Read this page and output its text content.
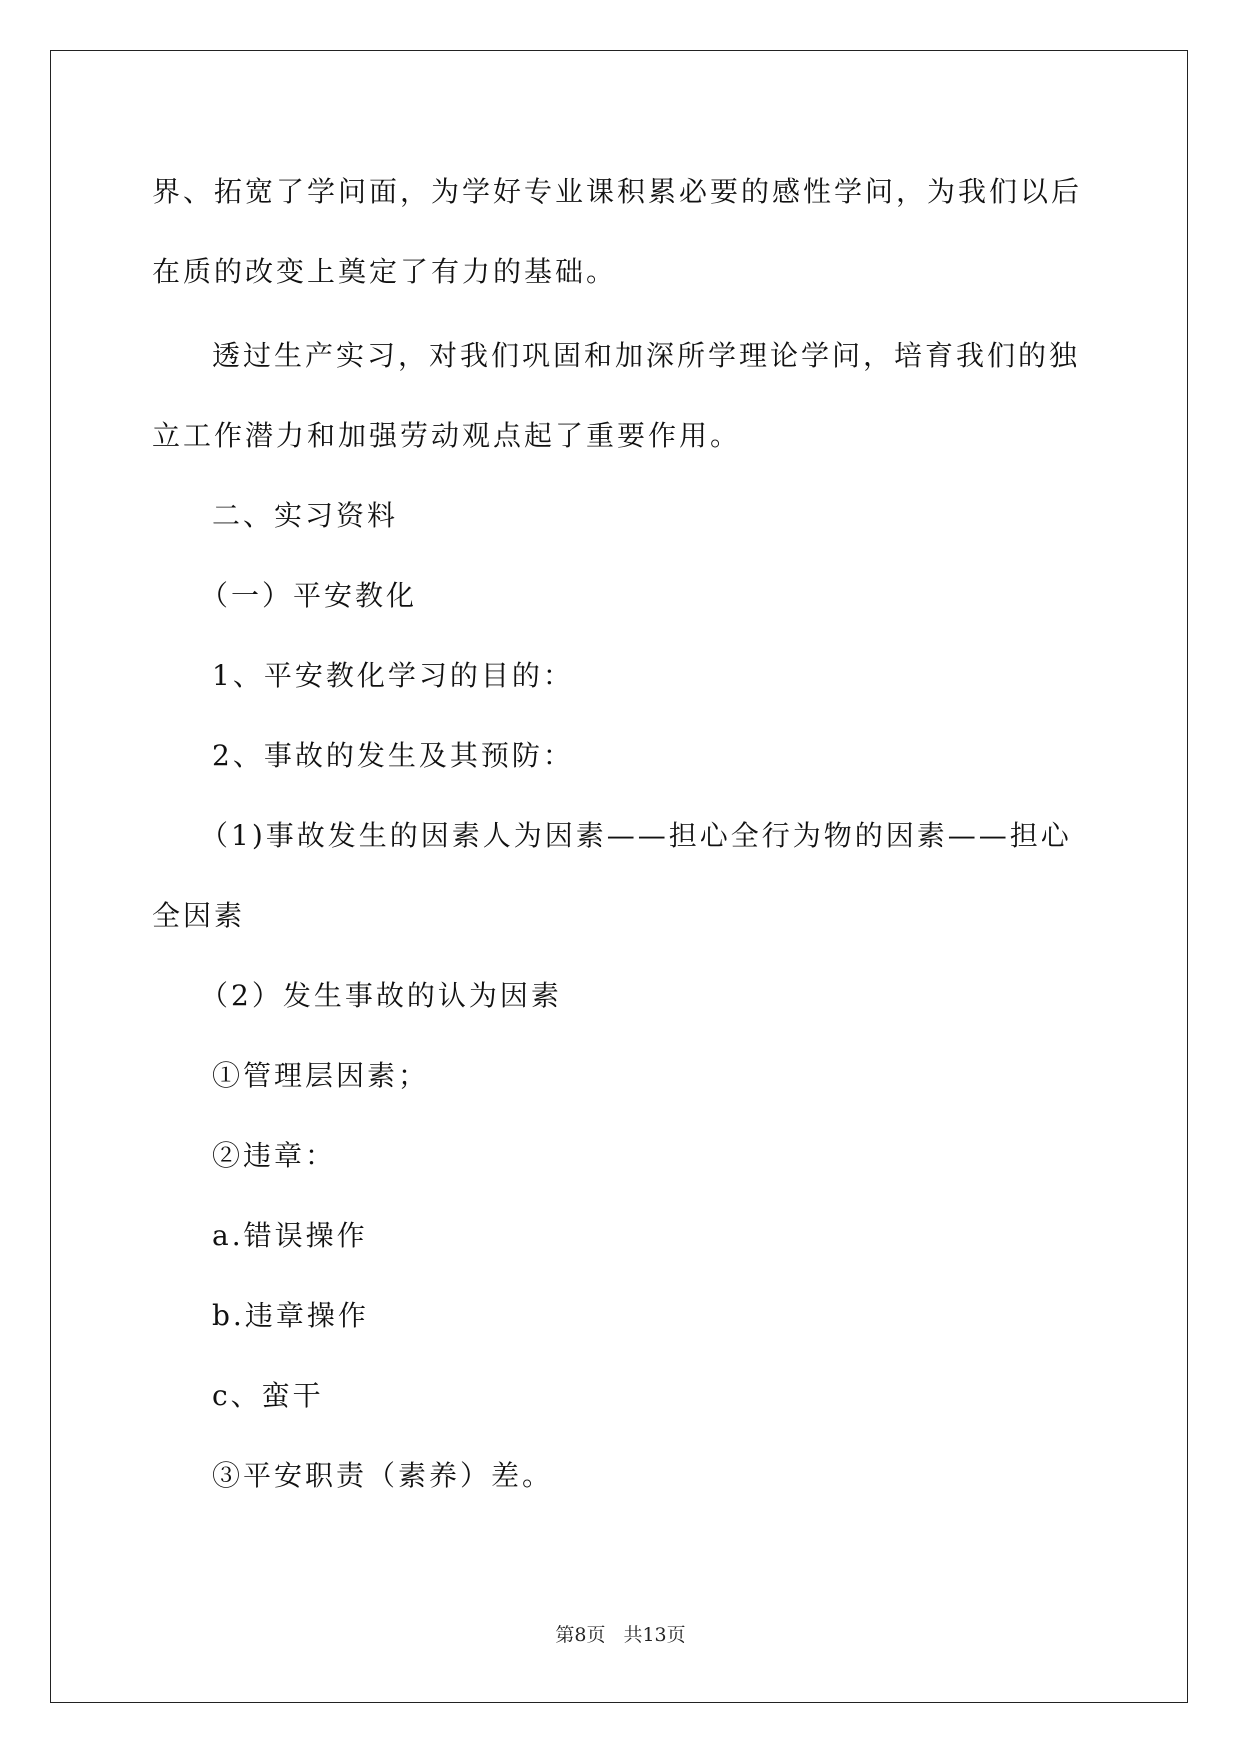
界、拓宽了学问面，为学好专业课积累必要的感性学问，为我们以后
在质的改变上奠定了有力的基础。
透过生产实习，对我们巩固和加深所学理论学问，培育我们的独
立工作潜力和加强劳动观点起了重要作用。
二、实习资料
（一）平安教化
1、平安教化学习的目的：
2、事故的发生及其预防：
（1)事故发生的因素人为因素——担心全行为物的因素——担心
全因素
（2）发生事故的认为因素
①管理层因素；
②违章：
a.错误操作
b.违章操作
c、蛮干
③平安职责（素养）差。
第8页 共13页
